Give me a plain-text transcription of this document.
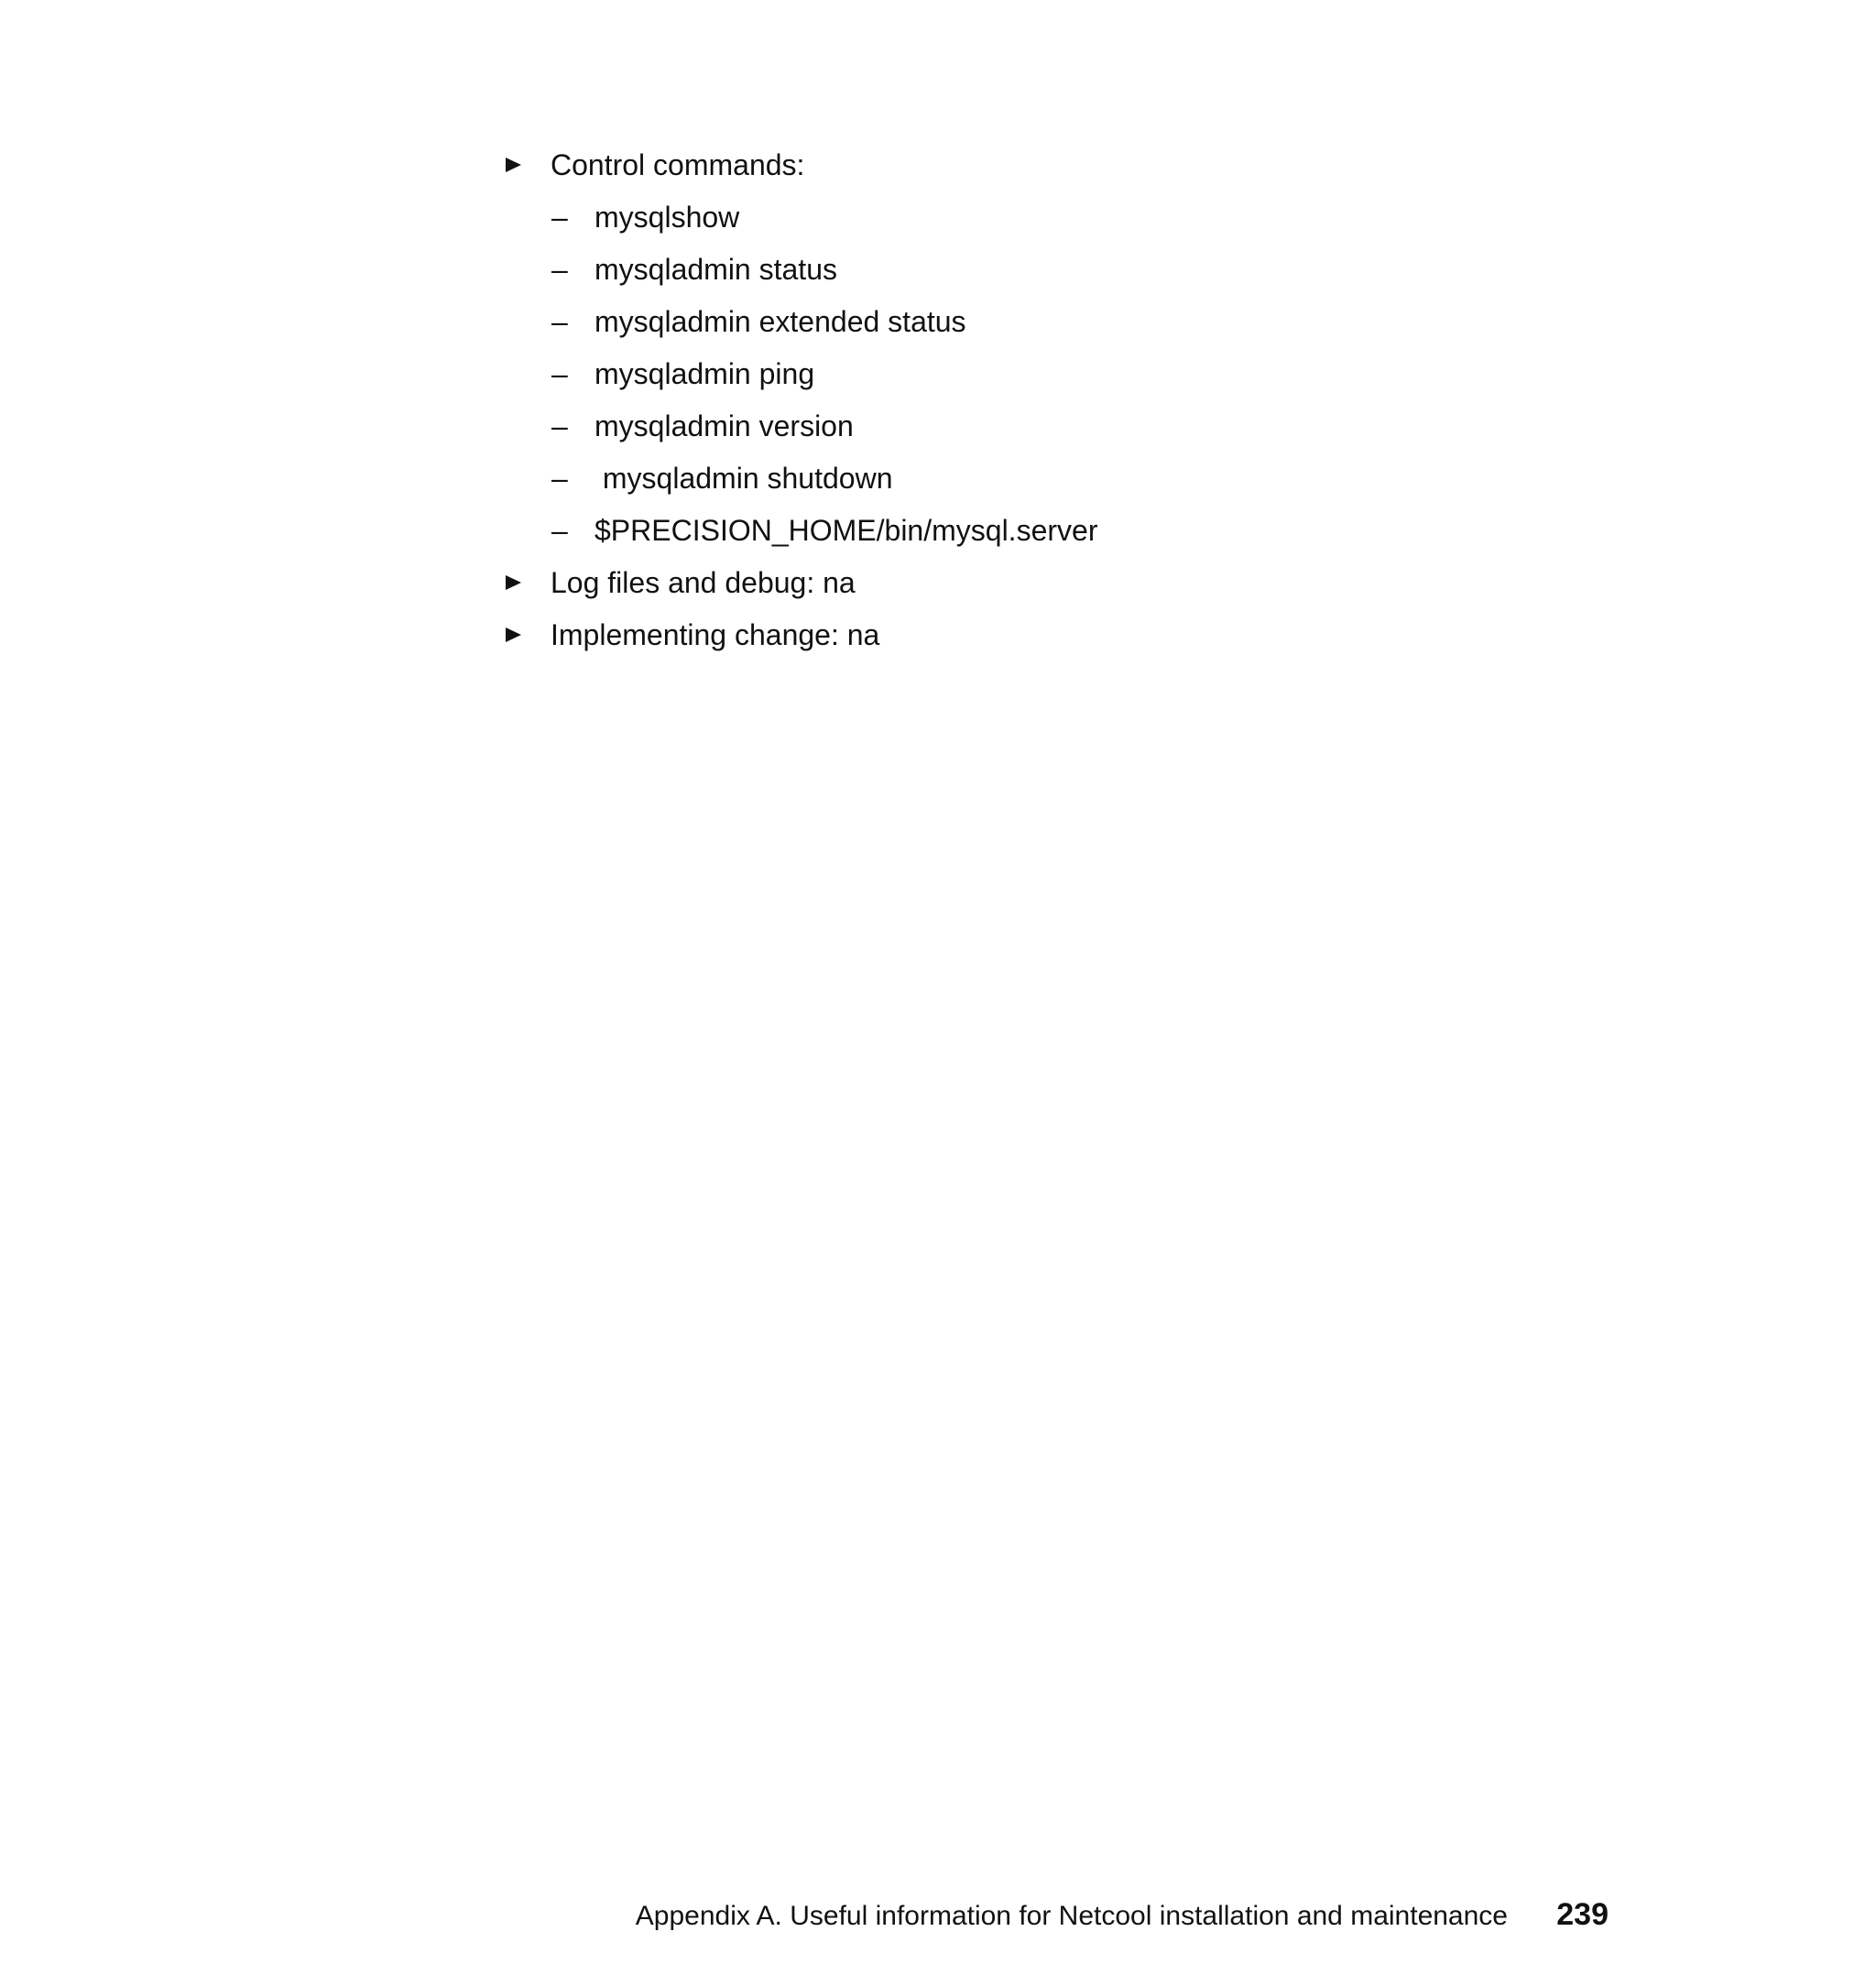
Control commands:
– mysqlshow
– mysqladmin status
– mysqladmin extended status
– mysqladmin ping
– mysqladmin version
– mysqladmin shutdown
– $PRECISION_HOME/bin/mysql.server
Log files and debug: na
Implementing change: na
Appendix A. Useful information for Netcool installation and maintenance 239
